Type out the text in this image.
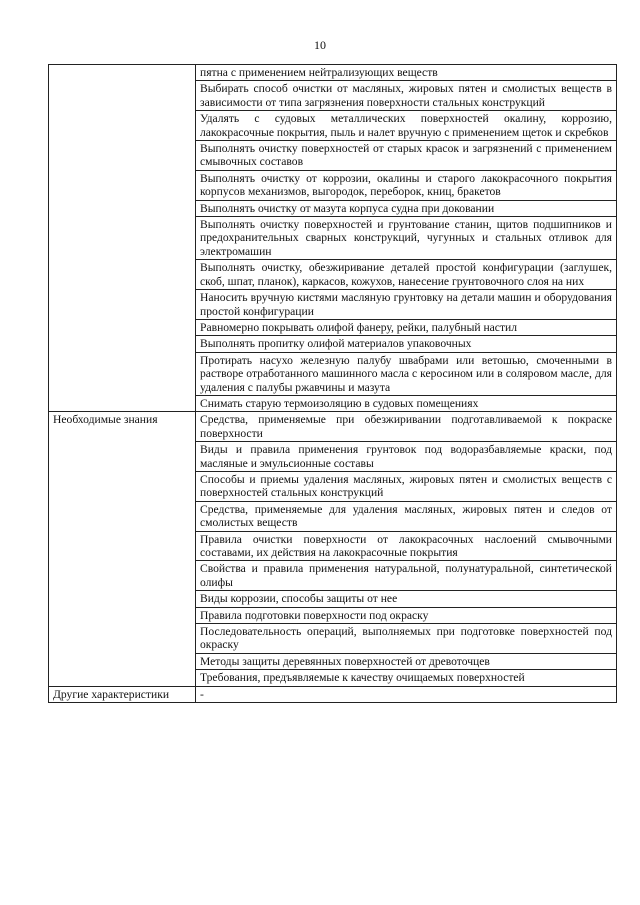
10
	пятна с применением нейтрализующих веществ
	Выбирать способ очистки от масляных, жировых пятен и смолистых веществ в зависимости от типа загрязнения поверхности стальных конструкций
	Удалять с судовых металлических поверхностей окалину, коррозию, лакокрасочные покрытия, пыль и налет вручную с применением щеток и скребков
	Выполнять очистку поверхностей от старых красок и загрязнений с применением смывочных составов
	Выполнять очистку от коррозии, окалины и старого лакокрасочного покрытия корпусов механизмов, выгородок, переборок, книц, бракетов
	Выполнять очистку от мазута корпуса судна при доковании
	Выполнять очистку поверхностей и грунтование станин, щитов подшипников и предохранительных сварных конструкций, чугунных и стальных отливок для электромашин
	Выполнять очистку, обезжиривание деталей простой конфигурации (заглушек, скоб, шпат, планок), каркасов, кожухов, нанесение грунтовочного слоя на них
	Наносить вручную кистями масляную грунтовку на детали машин и оборудования простой конфигурации
	Равномерно покрывать олифой фанеру, рейки, палубный настил
	Выполнять пропитку олифой материалов упаковочных
	Протирать насухо железную палубу швабрами или ветошью, смоченными в растворе отработанного машинного масла с керосином или в соляровом масле, для удаления с палубы ржавчины и мазута
	Снимать старую термоизоляцию в судовых помещениях
Необходимые знания	Средства, применяемые при обезжиривании подготавливаемой к покраске поверхности
	Виды и правила применения грунтовок под водоразбавляемые краски, под масляные и эмульсионные составы
	Способы и приемы удаления масляных, жировых пятен и смолистых веществ с поверхностей стальных конструкций
	Средства, применяемые для удаления масляных, жировых пятен и следов от смолистых веществ
	Правила очистки поверхности от лакокрасочных наслоений смывочными составами, их действия на лакокрасочные покрытия
	Свойства и правила применения натуральной, полунатуральной, синтетической олифы
	Виды коррозии, способы защиты от нее
	Правила подготовки поверхности под окраску
	Последовательность операций, выполняемых при подготовке поверхностей под окраску
	Методы защиты деревянных поверхностей от древоточцев
	Требования, предъявляемые к качеству очищаемых поверхностей
Другие характеристики	-
